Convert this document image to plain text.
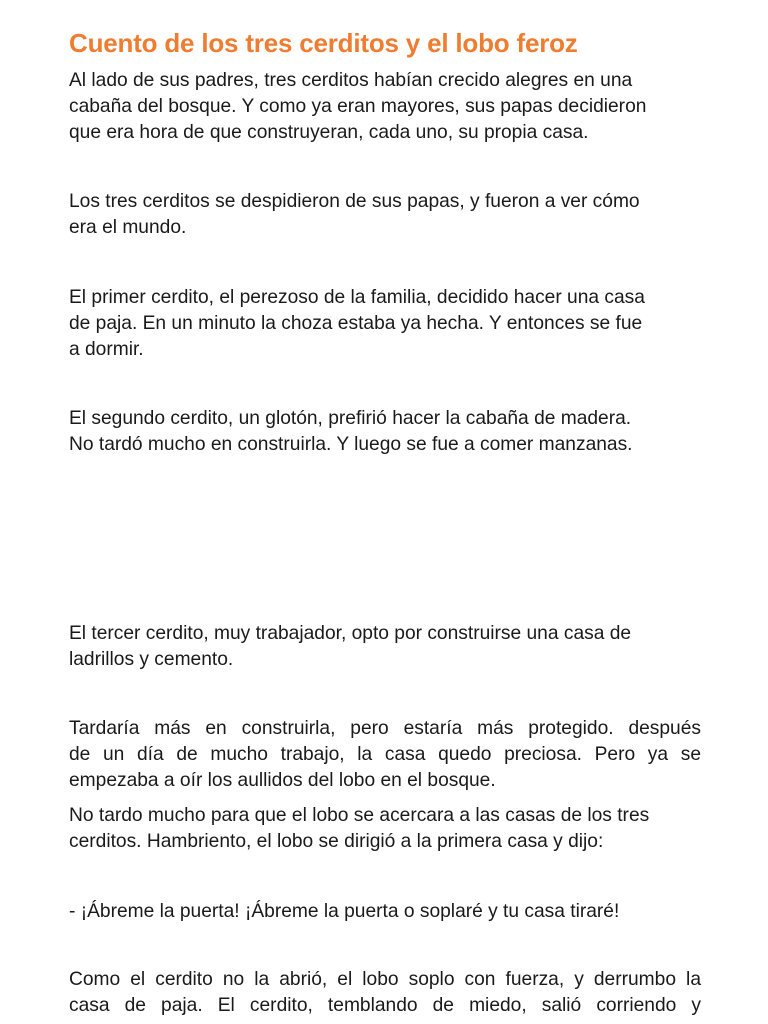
Cuento de los tres cerditos y el lobo feroz

Al lado de sus padres, tres cerditos habían crecido alegres en una
cabaña del bosque. Y como ya eran mayores, sus papas decidieron
que era hora de que construyeran, cada uno, su propia casa.

Los tres cerditos se despidieron de sus papas, y fueron a ver cómo
era el mundo.

El primer cerdito, el perezoso de la familia, decidido hacer una casa
de paja. En un minuto la choza estaba ya hecha. Y entonces se fue
a dormir.

El segundo cerdito, un glotón, prefirió hacer la cabaña de madera.
No tardó mucho en construirla. Y luego se fue a comer manzanas.

El tercer cerdito, muy trabajador, opto por construirse una casa de
ladrillos y cemento.

Tardaría más en construirla, pero estaría más protegido. después
de un día de mucho trabajo, la casa quedo preciosa. Pero ya se
empezaba a oír los aullidos del lobo en el bosque.

No tardo mucho para que el lobo se acercara a las casas de los tres
cerditos. Hambriento, el lobo se dirigió a la primera casa y dijo:

- ¡Ábreme la puerta! ¡Ábreme la puerta o soplaré y tu casa tiraré!

Como el cerdito no la abrió, el lobo soplo con fuerza, y derrumbo la
casa de paja. El cerdito, temblando de miedo, salió corriendo y
